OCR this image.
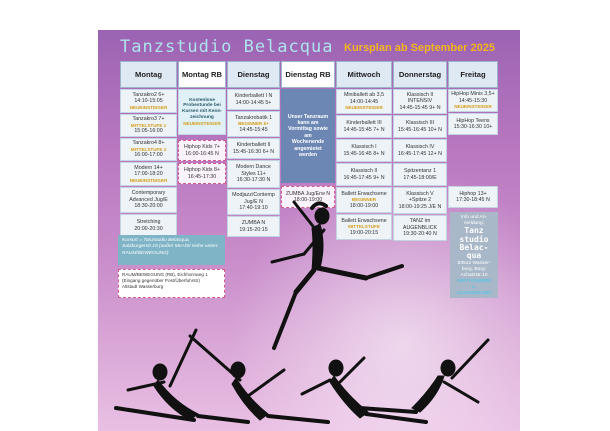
Tanzstudio Belacqua Kursplan ab September 2025
Montag
Tanzakro2 6+
14:10-15:05
NEUEINSTEIGER
Tanzakro3 7+
MITTELSTUFE 1
15:05-16:00
Tanzakro4 8+
MITTELSTUFE 2
16:00-17:00
Modern 14+
17:00-18:20
NEUEINSTEIGER
Contemporary
Advanced Jug/E
18:30-20:00
Stretching
20:00-20:30
Montag RB
Kostenlose
Probestunde bei
Kursen mit Kenn-
zeichnung
NEUEINSTEIGER
Hiphop Kids 7+
16:00-16:45 N
Hiphop Kids 8+
16:45-17:30
Dienstag
Kinderballett I N
14:00-14:45 5+
Tanzakrobatik 1
BEGINNER 6+
14:45-15:45
Kinderballett II
15:45-16:30 6+ N
Modern Dance
Styles 11+
16:30-17:30 N
Modjazz/Contemp
Jug/E N
17:40-19:10
ZUMBA N
19:15-20:15
Dienstag RB
Unser Tanzraum
kann am
Vormittag sowie
am
Wochenende
angemietet
werden
ZUMBA Jug/Erw N
18:00-19:00
Mittwoch
Miniballett ab 3,5
14:00-14:45
NEUEINSTEIGER
Kinderballett III
14:45-15:45 7+ N
Klassisch I
15:45-16:45 8+ N
Klassisch II
16:45-17:45 9+ N
Ballett Erwachsene
BEGINNER
18:00-19:00
Ballett Erwachsene
MITTELSTUFE
19:00-20:15
Donnerstag
Klassisch II
INTENSIV
14:45-15:45 9+ N
Klassisch III
15:45-16:45 10+ N
Klassisch IV
16:45-17:45 12+ N
Spitzentanz 1
17:45-18:00/E
Klassisch V
+Spitze 2
18:00-19:25 J/E N
TANZ im
AUGENBLICK
19:30-20:40 N
Freitag
HipHop Minis 3,5+
14:45-15:30
NEUEINSTEIGER
HipHop Teens
15:30-16:30 10+
Hiphop 13+
17:30-18:45 N
Info und An-
meldung:
Tanz
studio
Belac-
qua
83512 Wasser-
burg, Bürg:
Achatzstr.10
08071/1049828
o.
0176/22007500
Kursort = Tanzstudio Belacqua, Salzburgerstr.15 (außer Mo+Di/ siehe unten: RAUM/BEWEGUNG)
RAUM/BEWEGUNG (RB), Eichhornweg 1
(Eingang gegenüber Post/Überfuhrstr)
Altstadt Wasserburg
